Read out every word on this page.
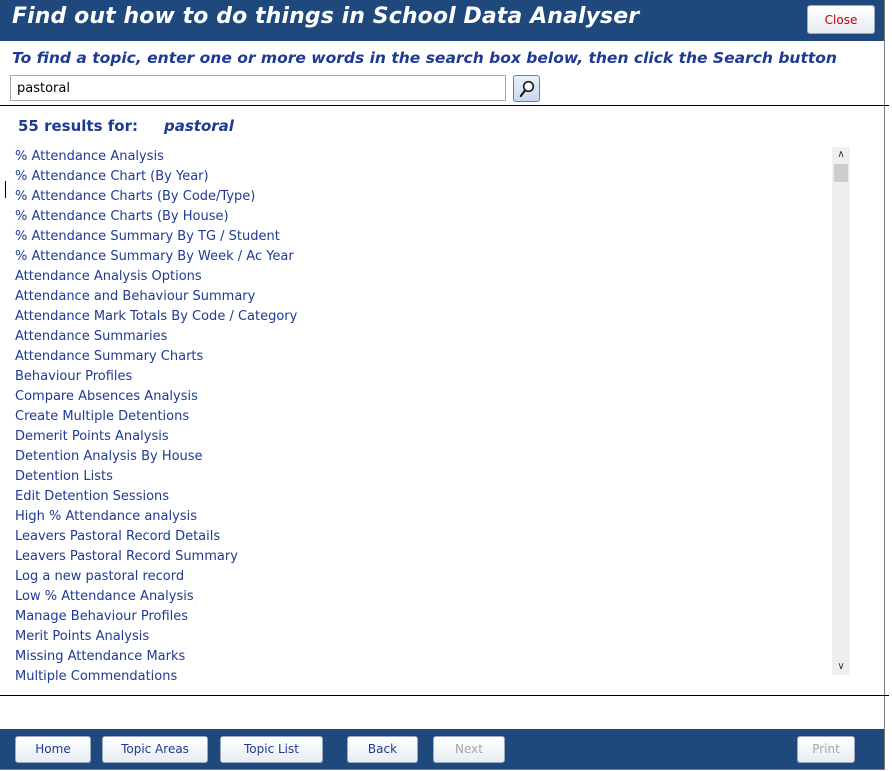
Find out how to do things in School Data Analyser	Close
To find a topic, enter one or more words in the search box below, then click the Search button
pastoral
55 results for: pastoral
% Attendance Analysis
% Attendance Chart (By Year)
% Attendance Charts (By Code/Type)
% Attendance Charts (By House)
% Attendance Summary By TG / Student
% Attendance Summary By Week / Ac Year
Attendance Analysis Options
Attendance and Behaviour Summary
Attendance Mark Totals By Code / Category
Attendance Summaries
Attendance Summary Charts
Behaviour Profiles
Compare Absences Analysis
Create Multiple Detentions
Demerit Points Analysis
Detention Analysis By House
Detention Lists
Edit Detention Sessions
High % Attendance analysis
Leavers Pastoral Record Details
Leavers Pastoral Record Summary
Log a new pastoral record
Low % Attendance Analysis
Manage Behaviour Profiles
Merit Points Analysis
Missing Attendance Marks
Multiple Commendations
∧
∨
Home	Topic Areas	Topic List	Back	Next	Print
